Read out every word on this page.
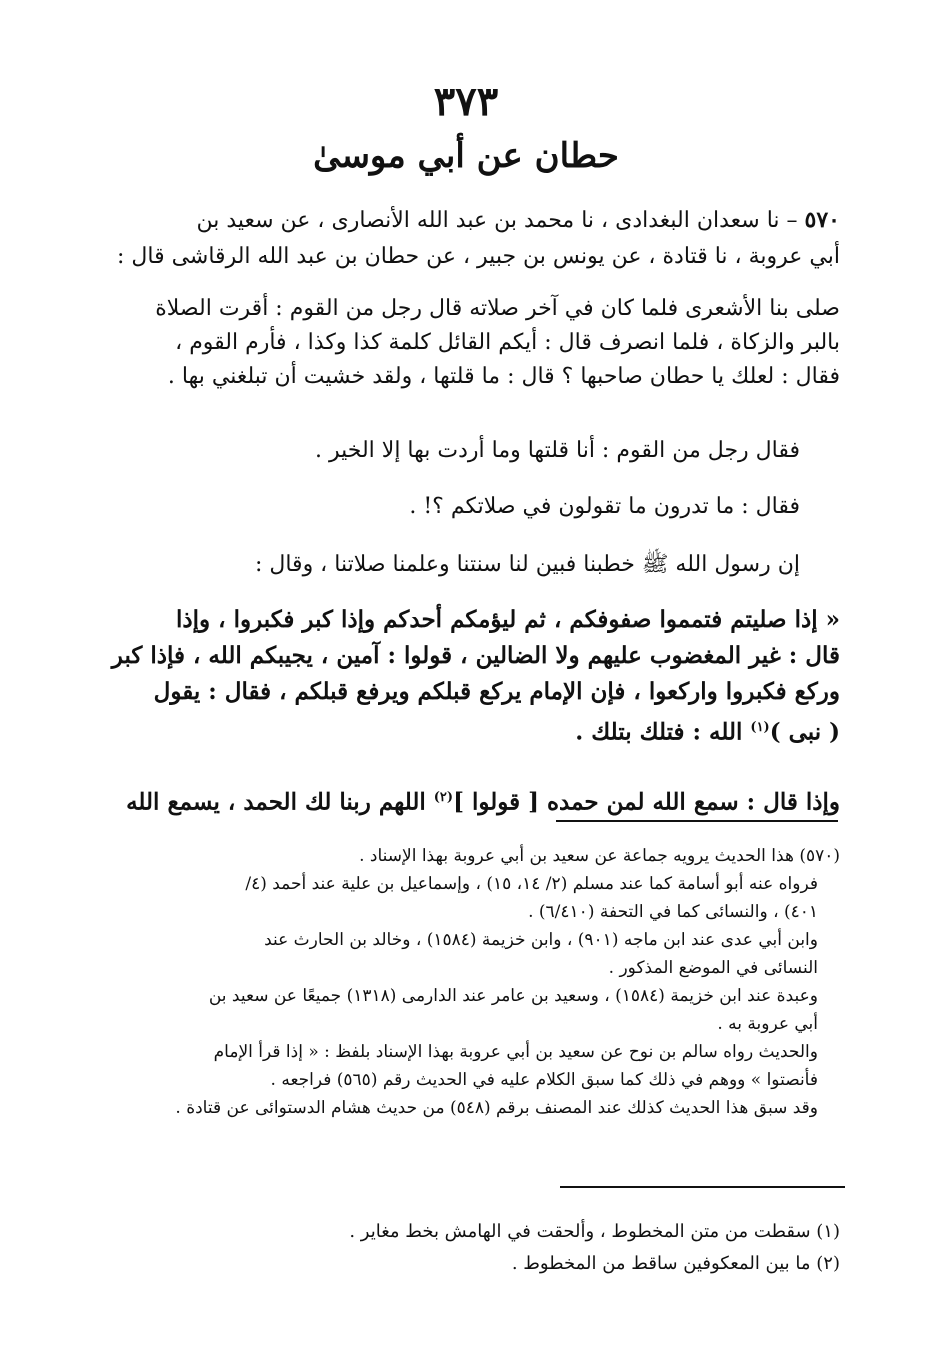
٣٧٣
حطان عن أبي موسىٰ
٥٧٠ – نا سعدان البغدادى ، نا محمد بن عبد الله الأنصارى ، عن سعيد بن
أبي عروبة ، نا قتادة ، عن يونس بن جبير ، عن حطان بن عبد الله الرقاشى قال :
صلى بنا الأشعرى فلما كان في آخر صلاته قال رجل من القوم : أقرت الصلاة
بالبر والزكاة ، فلما انصرف قال : أيكم القائل كلمة كذا وكذا ، فأرم القوم ،
فقال : لعلك يا حطان صاحبها ؟ قال : ما قلتها ، ولقد خشيت أن تبلغني بها .
فقال رجل من القوم : أنا قلتها وما أردت بها إلا الخير .
فقال : ما تدرون ما تقولون في صلاتكم ؟! .
إن رسول الله ﷺ خطبنا فبين لنا سنتنا وعلمنا صلاتنا ، وقال :
« إذا صليتم فتمموا صفوفكم ، ثم ليؤمكم أحدكم وإذا كبر فكبروا ، وإذا
قال : غير المغضوب عليهم ولا الضالين ، قولوا : آمين ، يجيبكم الله ، فإذا كبر
وركع فكبروا واركعوا ، فإن الإمام يركع قبلكم ويرفع قبلكم ، فقال : يقول
( نبى )$^{(١)}$ الله : فتلك بتلك .
وإذا قال : سمع الله لمن حمده [ قولوا ]$^{(٢)}$ اللهم ربنا لك الحمد ، يسمع الله
(٥٧٠) هذا الحديث يرويه جماعة عن سعيد بن أبي عروبة بهذا الإسناد .
فرواه عنه أبو أسامة كما عند مسلم (٢/ ١٤، ١٥) ، وإسماعيل بن علية عند أحمد (٤/
٤٠١) ، والنسائى كما في التحفة (٦/٤١٠) .
وابن أبي عدى عند ابن ماجه (٩٠١) ، وابن خزيمة (١٥٨٤) ، وخالد بن الحارث عند
النسائى في الموضع المذكور .
وعبدة عند ابن خزيمة (١٥٨٤) ، وسعيد بن عامر عند الدارمى (١٣١٨) جميعًا عن سعيد بن
أبي عروبة به .
والحديث رواه سالم بن نوح عن سعيد بن أبي عروبة بهذا الإسناد بلفظ : « إذا قرأ الإمام
فأنصتوا » ووهم في ذلك كما سبق الكلام عليه في الحديث رقم (٥٦٥) فراجعه .
وقد سبق هذا الحديث كذلك عند المصنف برقم (٥٤٨) من حديث هشام الدستوائى عن قتادة .
(١) سقطت من متن المخطوط ، وألحقت في الهامش بخط مغاير .
(٢) ما بين المعكوفين ساقط من المخطوط .
